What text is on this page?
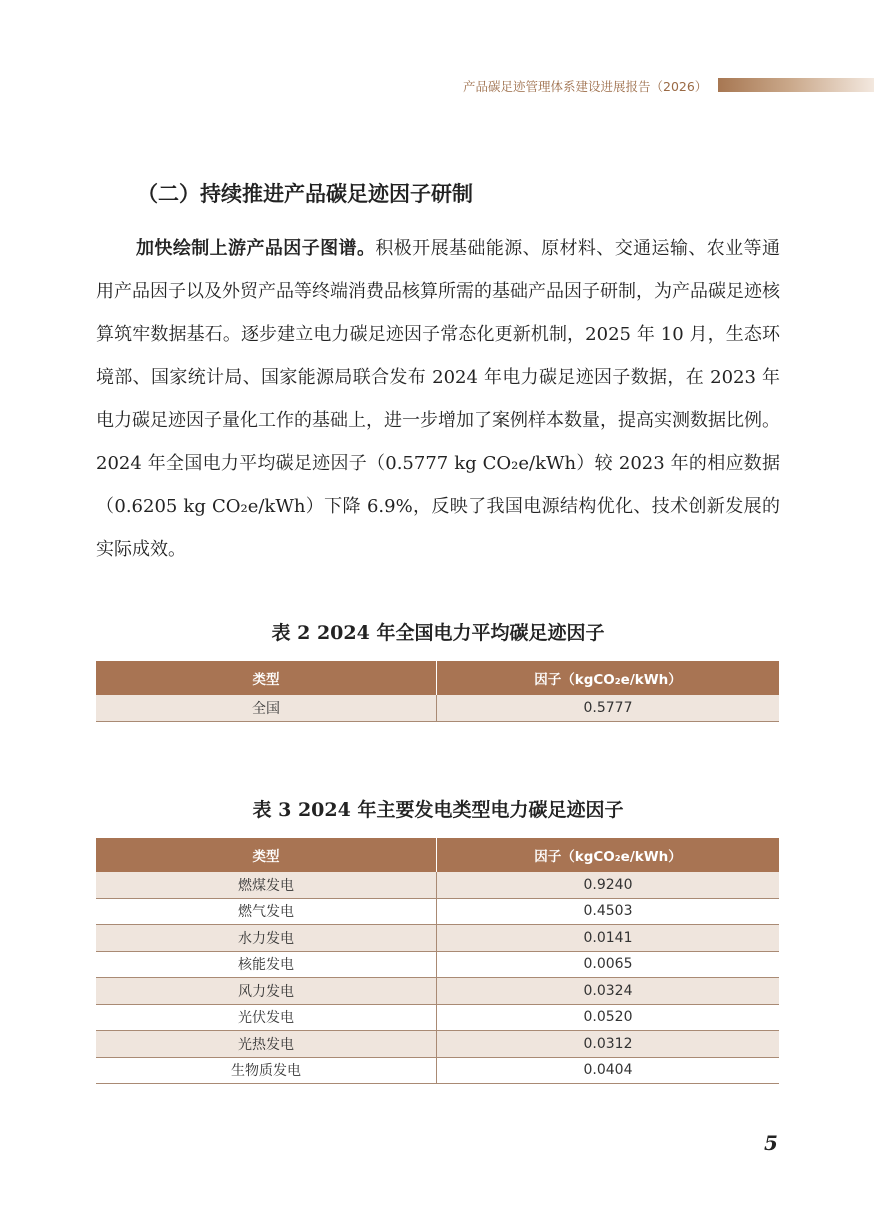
产品碳足迹管理体系建设进展报告（2026）
（二）持续推进产品碳足迹因子研制
加快绘制上游产品因子图谱。积极开展基础能源、原材料、交通运输、农业等通用产品因子以及外贸产品等终端消费品核算所需的基础产品因子研制，为产品碳足迹核算筑牢数据基石。逐步建立电力碳足迹因子常态化更新机制，2025 年 10 月，生态环境部、国家统计局、国家能源局联合发布 2024 年电力碳足迹因子数据，在 2023 年电力碳足迹因子量化工作的基础上，进一步增加了案例样本数量，提高实测数据比例。2024 年全国电力平均碳足迹因子（0.5777 kg CO₂e/kWh）较 2023 年的相应数据（0.6205 kg CO₂e/kWh）下降 6.9%，反映了我国电源结构优化、技术创新发展的实际成效。
表 2 2024 年全国电力平均碳足迹因子
类型	因子（kgCO₂e/kWh）
全国	0.5777
表 3 2024 年主要发电类型电力碳足迹因子
类型	因子（kgCO₂e/kWh）
燃煤发电	0.9240
燃气发电	0.4503
水力发电	0.0141
核能发电	0.0065
风力发电	0.0324
光伏发电	0.0520
光热发电	0.0312
生物质发电	0.0404
5
